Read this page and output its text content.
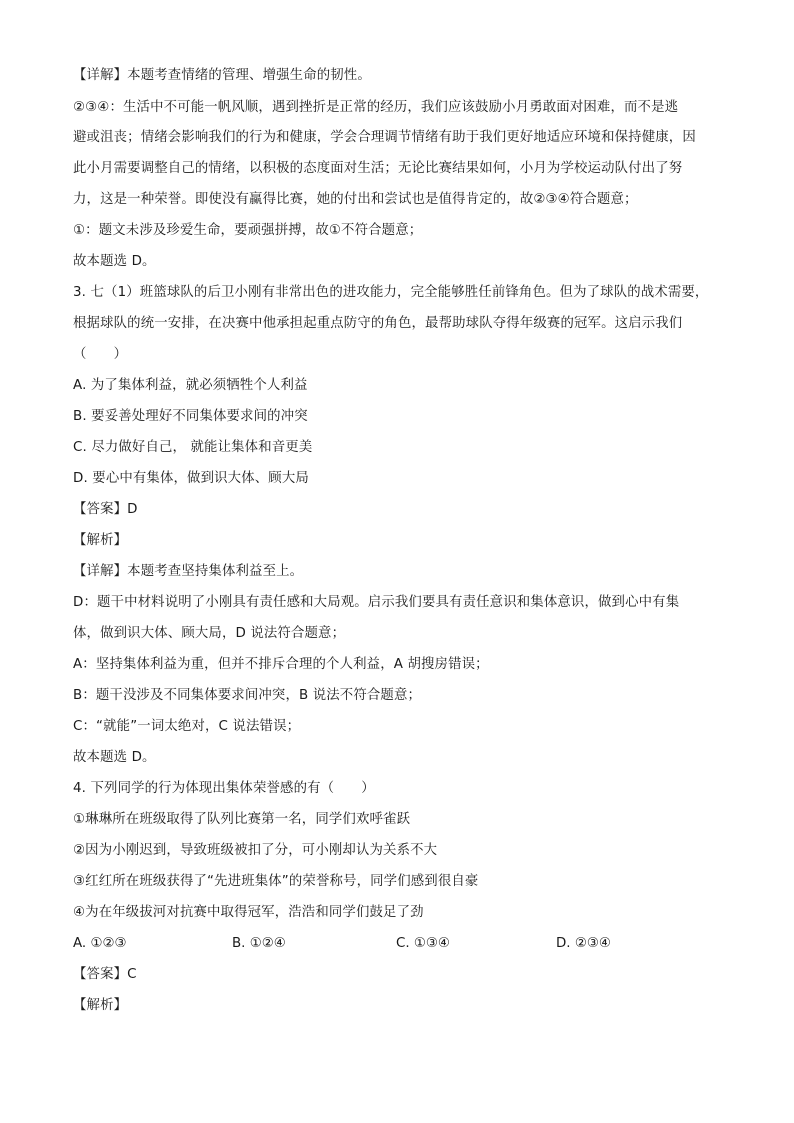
【详解】本题考查情绪的管理、增强生命的韧性。
②③④：生活中不可能一帆风顺，遇到挫折是正常的经历，我们应该鼓励小月勇敢面对困难，而不是逃
避或沮丧；情绪会影响我们的行为和健康，学会合理调节情绪有助于我们更好地适应环境和保持健康，因
此小月需要调整自己的情绪，以积极的态度面对生活；无论比赛结果如何，小月为学校运动队付出了努
力，这是一种荣誉。即使没有赢得比赛，她的付出和尝试也是值得肯定的，故②③④符合题意；
①：题文未涉及珍爱生命，要顽强拼搏，故①不符合题意；
故本题选 D。
3. 七（1）班篮球队的后卫小刚有非常出色的进攻能力，完全能够胜任前锋角色。但为了球队的战术需要，
根据球队的统一安排，在决赛中他承担起重点防守的角色，最帮助球队夺得年级赛的冠军。这启示我们
（　　）
A. 为了集体利益，就必须牺牲个人利益
B. 要妥善处理好不同集体要求间的冲突
C. 尽力做好自己， 就能让集体和音更美
D. 要心中有集体，做到识大体、顾大局
【答案】D
【解析】
【详解】本题考查坚持集体利益至上。
D：题干中材料说明了小刚具有责任感和大局观。启示我们要具有责任意识和集体意识，做到心中有集
体，做到识大体、顾大局，D 说法符合题意；
A：坚持集体利益为重，但并不排斥合理的个人利益，A 胡搜房错误；
B：题干没涉及不同集体要求间冲突，B 说法不符合题意；
C：“就能”一词太绝对，C 说法错误；
故本题选 D。
4. 下列同学的行为体现出集体荣誉感的有（　　）
①琳琳所在班级取得了队列比赛第一名，同学们欢呼雀跃
②因为小刚迟到，导致班级被扣了分，可小刚却认为关系不大
③红红所在班级获得了“先进班集体”的荣誉称号，同学们感到很自豪
④为在年级拔河对抗赛中取得冠军，浩浩和同学们鼓足了劲
A. ①②③	B. ①②④	C. ①③④	D. ②③④
【答案】C
【解析】
